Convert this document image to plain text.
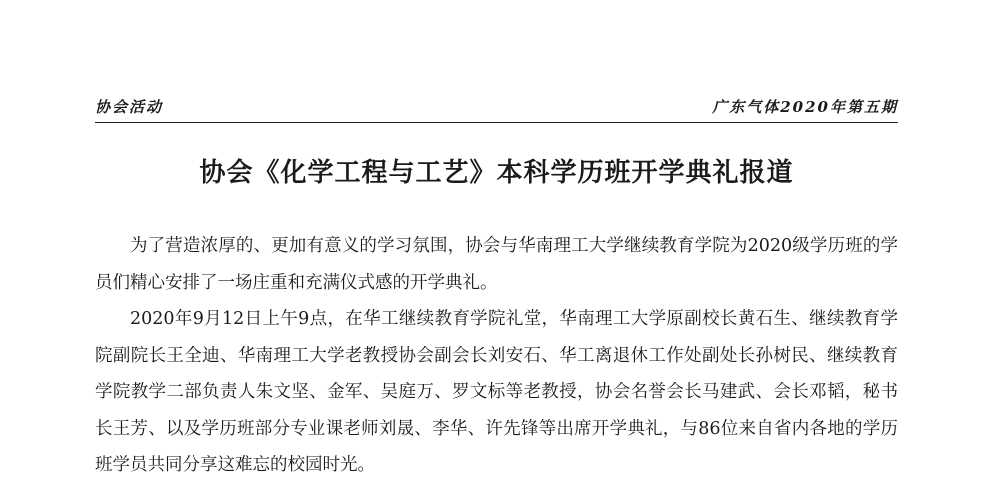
协会活动	广东气体2020年第五期
协会《化学工程与工艺》本科学历班开学典礼报道

为了营造浓厚的、更加有意义的学习氛围，协会与华南理工大学继续教育学院为2020级学历班的学员们精心安排了一场庄重和充满仪式感的开学典礼。

2020年9月12日上午9点，在华工继续教育学院礼堂，华南理工大学原副校长黄石生、继续教育学院副院长王全迪、华南理工大学老教授协会副会长刘安石、华工离退休工作处副处长孙树民、继续教育学院教学二部负责人朱文坚、金军、吴庭万、罗文标等老教授，协会名誉会长马建武、会长邓韬，秘书长王芳、以及学历班部分专业课老师刘晟、李华、许先锋等出席开学典礼，与86位来自省内各地的学历班学员共同分享这难忘的校园时光。
